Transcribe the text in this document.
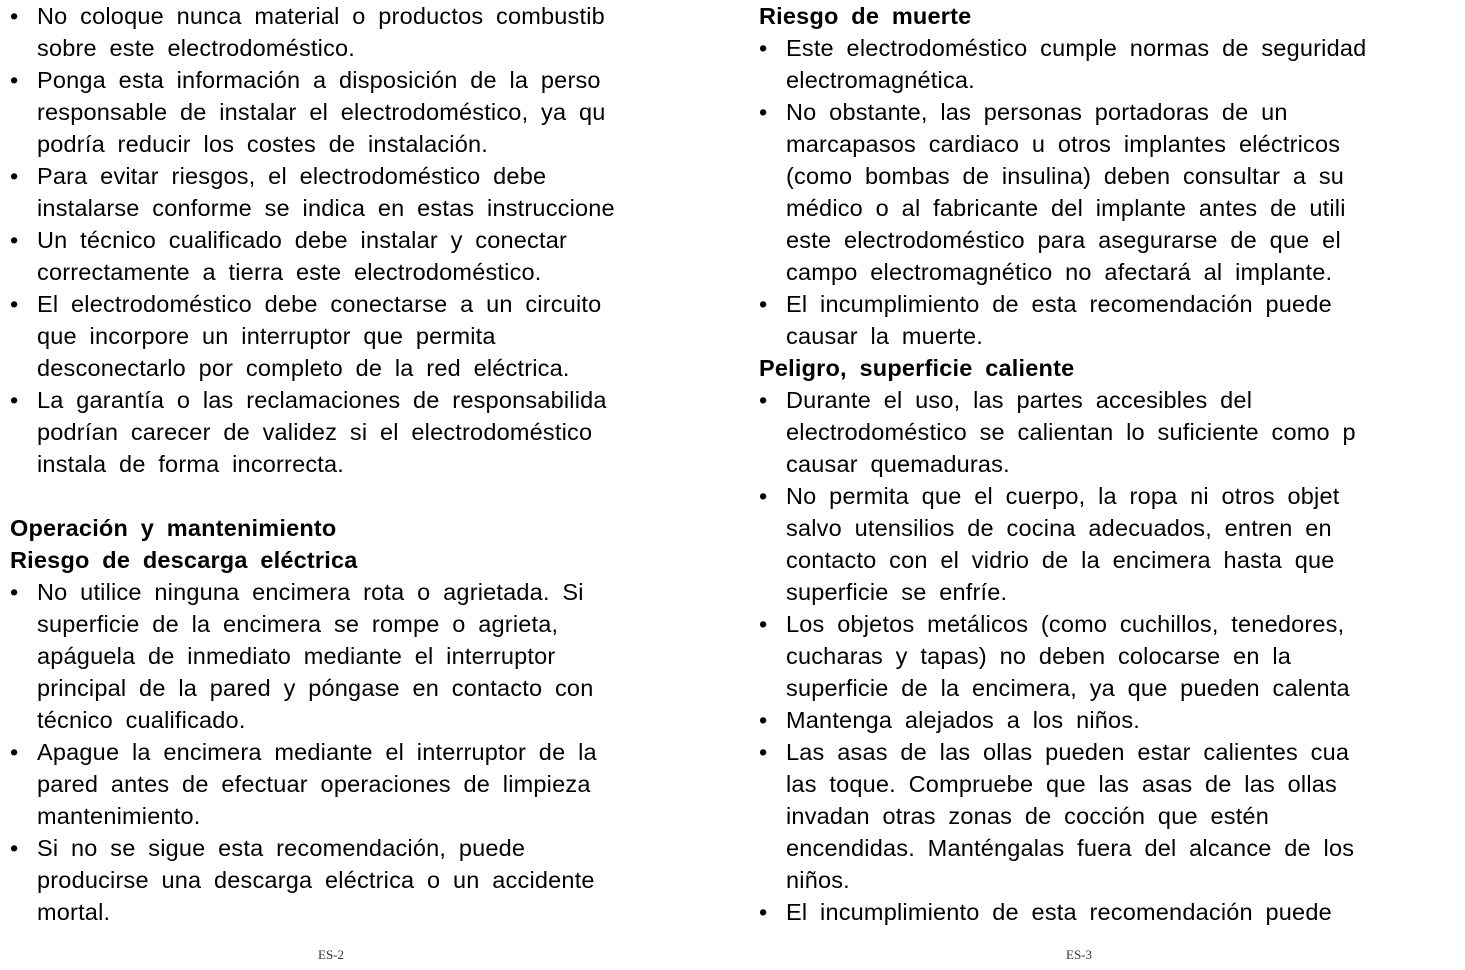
• No coloque nunca material o productos combustib
sobre este electrodoméstico.
• Ponga esta información a disposición de la perso
responsable de instalar el electrodoméstico, ya qu
podría reducir los costes de instalación.
• Para evitar riesgos, el electrodoméstico debe
instalarse conforme se indica en estas instruccione
• Un técnico cualificado debe instalar y conectar
correctamente a tierra este electrodoméstico.
• El electrodoméstico debe conectarse a un circuito
que incorpore un interruptor que permita
desconectarlo por completo de la red eléctrica.
• La garantía o las reclamaciones de responsabilida
podrían carecer de validez si el electrodoméstico
instala de forma incorrecta.
Operación y mantenimiento
Riesgo de descarga eléctrica
• No utilice ninguna encimera rota o agrietada. Si
superficie de la encimera se rompe o agrieta,
apáguela de inmediato mediante el interruptor
principal de la pared y póngase en contacto con
técnico cualificado.
• Apague la encimera mediante el interruptor de la
pared antes de efectuar operaciones de limpieza
mantenimiento.
• Si no se sigue esta recomendación, puede
producirse una descarga eléctrica o un accidente
mortal.
Riesgo de muerte
• Este electrodoméstico cumple normas de seguridad
electromagnética.
• No obstante, las personas portadoras de un
marcapasos cardiaco u otros implantes eléctricos
(como bombas de insulina) deben consultar a su
médico o al fabricante del implante antes de utili
este electrodoméstico para asegurarse de que el
campo electromagnético no afectará al implante.
• El incumplimiento de esta recomendación puede
causar la muerte.
Peligro, superficie caliente
• Durante el uso, las partes accesibles del
electrodoméstico se calientan lo suficiente como p
causar quemaduras.
• No permita que el cuerpo, la ropa ni otros objet
salvo utensilios de cocina adecuados, entren en
contacto con el vidrio de la encimera hasta que
superficie se enfríe.
• Los objetos metálicos (como cuchillos, tenedores,
cucharas y tapas) no deben colocarse en la
superficie de la encimera, ya que pueden calenta
• Mantenga alejados a los niños.
• Las asas de las ollas pueden estar calientes cua
las toque. Compruebe que las asas de las ollas
invadan otras zonas de cocción que estén
encendidas. Manténgalas fuera del alcance de los
niños.
• El incumplimiento de esta recomendación puede
ES-2	ES-3
